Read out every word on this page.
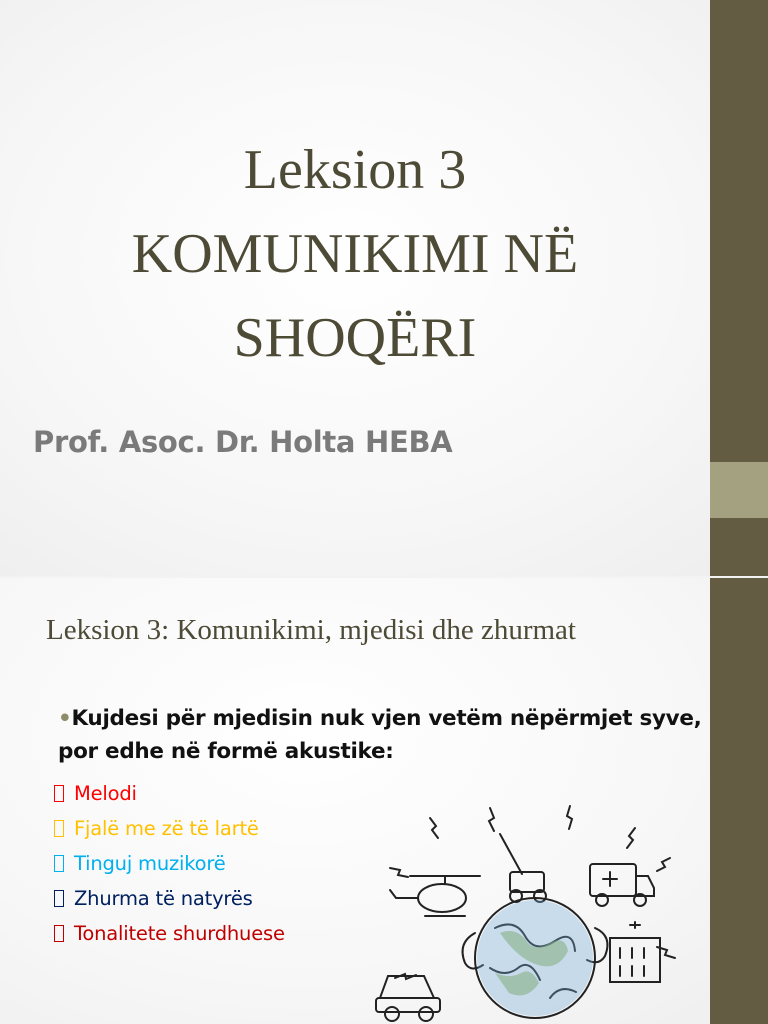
Leksion 3
KOMUNIKIMI NË
SHOQËRI

Prof. Asoc. Dr. Holta HEBA

Leksion 3: Komunikimi, mjedisi dhe zhurmat

•Kujdesi për mjedisin nuk vjen vetëm nëpërmjet syve, por edhe në formë akustike:

Melodi
Fjalë me zë të lartë
Tinguj muzikorë
Zhurma të natyrës
Tonalitete shurdhuese
